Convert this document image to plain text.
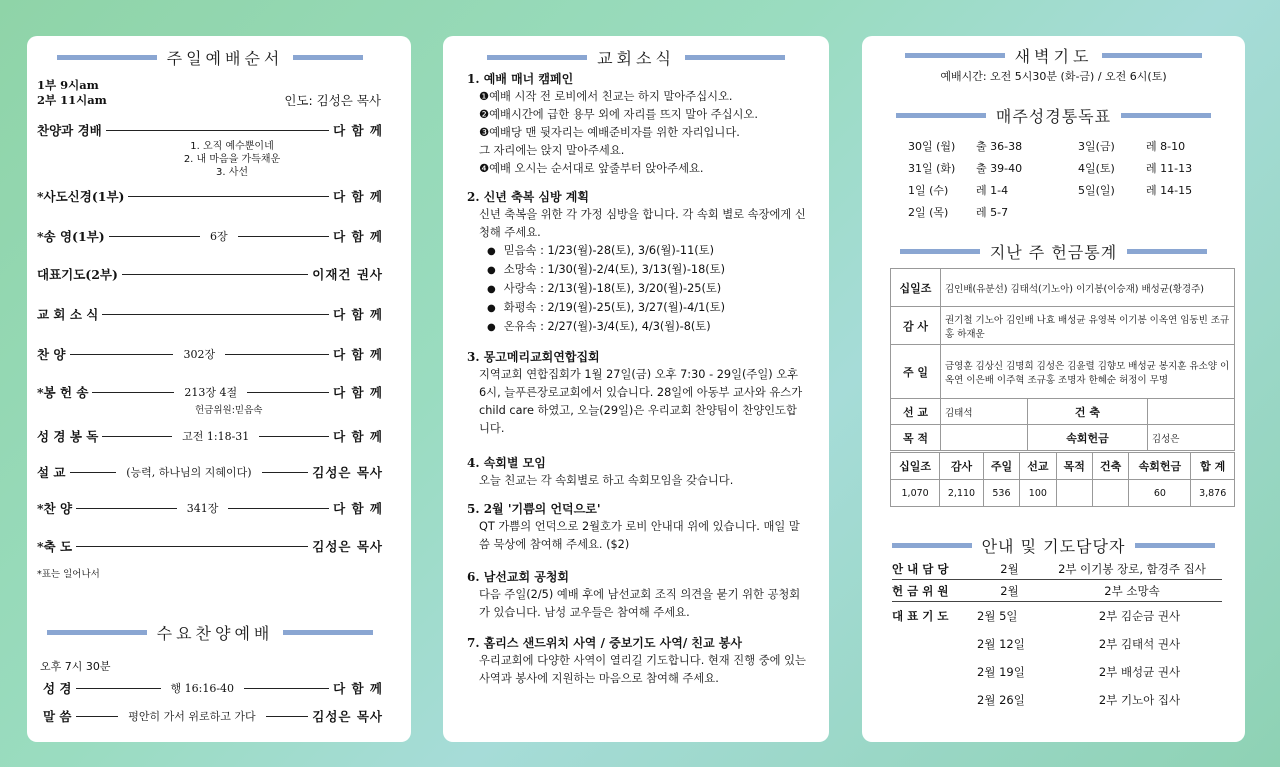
주일예배순서
1부 9시am
2부 11시am	인도: 김성은 목사
찬양과 경배	다 함 께
*사도신경(1부)	다 함 께
*송 영(1부)	6장	다 함 께
대표기도(2부)	이재건 권사
교 회 소 식	다 함 께
찬 양	302장	다 함 께
*봉 헌 송	213장 4절	다 함 께
성 경 봉 독	고전 1:18-31	다 함 께
설 교	(능력, 하나님의 지혜이다)	김성은 목사
*찬 양	341장	다 함 께
*축 도	김성은 목사
1. 오직 예수뿐이네
2. 내 마음을 가득채운
3. 사선
헌금위원:믿음속
*표는 일어나서
수요찬양예배
오후 7시 30분
성 경	행 16:16-40	다 함 께
말 씀	평안히 가서 위로하고 가다	김성은 목사
교회소식
1. 예배 매너 캠페인

❶예배 시작 전 로비에서 친교는 하지 말아주십시오.

❷예배시간에 급한 용무 외에 자리를 뜨지 말아 주십시오.

❸예배당 맨 뒷자리는 예배준비자를 위한 자리입니다.

그 자리에는 앉지 말아주세요.

❹예배 오시는 순서대로 앞줄부터 앉아주세요.

2. 신년 축복 심방 계획

신년 축복을 위한 각 가정 심방을 합니다. 각 속회 별로 속장에게 신청해 주세요.

● 믿음속 : 1/23(월)-28(토), 3/6(월)-11(토)
● 소망속 : 1/30(월)-2/4(토), 3/13(월)-18(토)
● 사랑속 : 2/13(월)-18(토), 3/20(월)-25(토)
● 화평속 : 2/19(월)-25(토), 3/27(월)-4/1(토)
● 온유속 : 2/27(월)-3/4(토), 4/3(월)-8(토)
3. 몽고메리교회연합집회

지역교회 연합집회가 1월 27일(금) 오후 7:30 - 29일(주일) 오후 6시, 늘푸른장로교회에서 있습니다. 28일에 아동부 교사와 유스가 child care 하였고, 오늘(29일)은 우리교회 찬양팀이 찬양인도합니다.

4. 속회별 모임

오늘 친교는 각 속회별로 하고 속회모임을 갖습니다.

5. 2월 '기쁨의 언덕으로'

QT 가쁨의 언덕으로 2월호가 로비 안내대 위에 있습니다. 매일 말씀 묵상에 참여해 주세요. ($2)

6. 남선교회 공청회

다음 주일(2/5) 예배 후에 남선교회 조직 의견을 묻기 위한 공청회가 있습니다. 남성 교우들은 참여해 주세요.

7. 홈리스 샌드위치 사역 / 중보기도 사역/ 친교 봉사

우리교회에 다양한 사역이 열리길 기도합니다. 현재 진행 중에 있는 사역과 봉사에 지원하는 마음으로 참여해 주세요.

새벽기도
예배시간: 오전 5시30분 (화-금) / 오전 6시(토)
매주성경통독표
30일 (월)	출 36-38	3일(금)	레 8-10
31일 (화)	출 39-40	4일(토)	레 11-13
1일 (수)	레 1-4	5일(일)	레 14-15
2일 (목)	레 5-7		
지난 주 헌금통계
십일조	김인배(유분선) 김태석(기노아) 이기봉(이승재) 배성균(황경주)		
감 사	권기철 기노아 김인배 나효 배성균 유영복 이기봉 이옥연 임동빈 조규홍 하재운		
주 일	금영훈 김상신 김명희 김성은 김윤렬 김향모 배성균 봉지훈 유소양 이옥연 이은배 이주혁 조규홍 조명자 한혜순 허정이 무명		
선 교	김태석	건 축	
목 적		속회헌금	김성은
십일조	감사	주일	선교	목적	건축	속회헌금	합 계
1,070	2,110	536	100			60	3,876
안내 및 기도담당자
안 내 담 당	2월	2부 이기봉 장로, 함경주 집사
헌 금 위 원	2월	2부 소망속
대 표 기 도	2월 5일	2부 김순금 권사
2월 12일	2부 김태석 권사
2월 19일	2부 배성균 권사
2월 26일	2부 기노아 집사
